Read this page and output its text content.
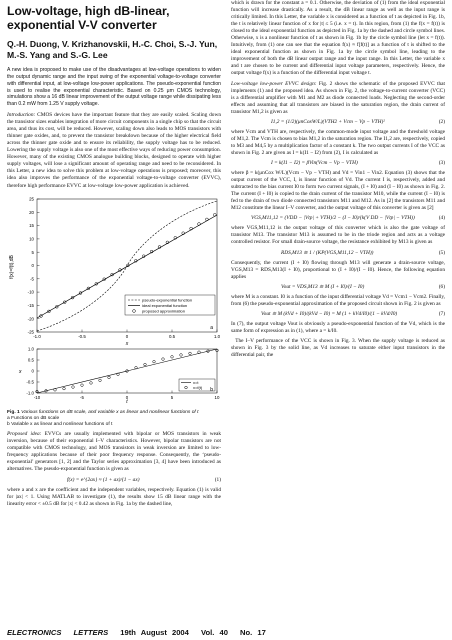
Low-voltage, high dB-linear, exponential V-V converter
Q.-H. Duong, V. Krizhanovskii, H.-C. Choi, S.-J. Yun, M.-S. Yang and S.-G. Lee

A new idea is proposed to make use of the disadvantages at low-voltage operations to widen the output dynamic range and the input swing of the exponential voltage-to-voltage converter with differential input, at low-voltage low-power applications. The pseudo-exponential function is used to realise the exponential characteristic. Based on 0.25 μm CMOS technology, simulations show a 16 dB linear improvement of the output voltage range while dissipating less than 0.2 mW from 1.25 V supply voltage.

Introduction: CMOS devices have the important feature that they are easily scaled. Scaling down the transistor sizes enables integration of more circuit components in a single chip so that the circuit area, and thus its cost, will be reduced. However, scaling down also leads to MOS transistors with thinner gate oxides, and, to prevent the transistor breakdown because of the higher electrical field across the thinner gate oxide and to ensure its reliability, the supply voltage has to be reduced. Lowering the supply voltage is also one of the most effective ways of reducing power consumption. However, many of the existing CMOS analogue building blocks, designed to operate with higher supply voltages, will lose a significant amount of operating range and need to be reconsidered. In this Letter, a new idea to solve this problem at low-voltage operations is proposed; moreover, this idea also improves the performance of the exponential voltage-to-voltage converter (EVVC), therefore high performance EVVC at low-voltage low-power application is achieved.

25
20
15
10
5
0
-5
-10
-15
-20
-25
-1.0	-0.5	0	0.5	1.0
f(x)=f(t),dB
x
pseudo-exponential function
ideal exponential function
proposed approximation
a
1.0
0.5
0
-0.5
-1.0
-10	-5	0	5	10
x
t
x=t
x=f(t) b
Fig. 1 Various functions on dB scale, and variable x as linear and nonlinear functions of t
a Functions on dB scale
b Variable x as linear and nonlinear functions of t

Proposed idea: EVVCs are usually implemented with bipolar or MOS transistors in weak inversion, because of their exponential I–V characteristics. However, bipolar transistors are not compatible with CMOS technology, and MOS transistors in weak inversion are limited to low-frequency applications because of their poor frequency response. Consequently, the ‘pseudo-exponential’ generators [1, 2] and the Taylor series approximation [3, 4] have been introduced as alternatives. The pseudo-exponential function is given as

f(x) = e^{2ax} ≈ (1 + ax)/(1 − ax)	(1)

where a and x are the coefficient and the independent variables, respectively. Equation (1) is valid for |ax| < 1. Using MATLAB to investigate (1), the results show 15 dB linear range with the linearity error < ±0.5 dB for |x| < 0.42 as shown in Fig. 1a by the dashed line,

which is drawn for the constant a = 0.1. Otherwise, the deviation of (1) from the ideal exponential function will increase drastically. As a result, the dB linear range as well as the input range is critically limited. In this Letter, the variable x is considered as a function of t as depicted in Fig. 1b, the t is relatively linear function of x for |t| ≤ 5 (i.e. x = t). In this region, from (1) the f(x = f(t)) is closed to the ideal exponential function as depicted in Fig. 1a by the dashed and circle symbol lines. Otherwise, x is a nonlinear function of t as shown in Fig. 1b by the circle symbol line (let x = f(t)). Intuitively, from (1) one can see that the equation f(x) ≈ f[f(t)] as a function of t is shifted to the ideal exponential function as shown in Fig. 1a by the circle symbol line, leading to the improvement of both the dB linear output range and the input range. In this Letter, the variable x and t are chosen to be current and differential input voltage parameters, respectively. Hence, the output voltage f(x) is a function of the differential input voltage t.

Low-voltage low-power EVVC design: Fig. 2 shows the schematic of the proposed EVVC that implements (1) and the proposed idea. As shown in Fig. 2, the voltage-to-current converter (VCC) is a differential amplifier with M1 and M2 as diode connected loads. Neglecting the second-order effects and assuming that all transistors are biased in the saturation region, the drain current of transistor M1,2 is given as

I1,2 = (1/2)(μnCoxW/L)(VTH2 + Vcm − Vp − VTH)²	(2)

where Vcm and VTH are, respectively, the common-mode input voltage and the threshold voltage of M1,2. The Vcm is chosen to bias M1,2 in the saturation region. The I1,2 are, respectively, copied to M3 and M4,5 by a multiplication factor of a constant k. The two output currents I of the VCC as shown in Fig. 2 are given as I = k(I1 − I2) from (2), I is calculated as

I = k(I1 − I2) = βVin(Vcm − Vp − VTH)	(3)

where β = k(μnCox W/L)(Vcm − Vp − VTH) and Vd = Vin1 − Vin2. Equation (3) shows that the output current of the VCC, I, is linear function of Vd. The current I is, respectively, added and subtracted to the bias current I0 to form two current signals, (I + I0) and (I − I0) as shown in Fig. 2. The current (I + I0) is copied to the drain current of the transistor M10, while the current (I − I0) is fed to the drain of two diode connected transistors M11 and M12. As in [2] the transistors M11 and M12 constitute the linear I–V converter, and the output voltage of this converter is given as [2]

VGS,M11,12 = (VDD − |Vtp| + VTH)/2 − (I − I0)/(k(V DD − |Vtp| − VTH))	(4)

where VGS,M11,12 is the output voltage of this converter which is also the gate voltage of transistor M13. The transistor M13 is assumed to be in the triode region and acts as a voltage controlled resistor. For small drain-source voltage, the resistance exhibited by M13 is given as

RDS,M13 ≅ 1 / (KP(VGS,M11,12 − VTH))	(5)

Consequently, the current (I + I0) flowing through M13 will generate a drain-source voltage, VGS,M13 = RDS,M13(I + I0), proportional to (I + I0)/(I − I0). Hence, the following equation applies

Vout = VDS,M13 ≅ M (I + I0)/(I − I0)	(6)

where M is a constant. I0 is a function of the input differential voltage Vd = Vcm1 − Vcm2. Finally, from (6) the pseudo-exponential approximation of the proposed circuit shown in Fig. 2 is given as

Vout ≅ M (kVd + I0)/(kVd − I0) = M (1 + kVd/I0)/(1 − kVd/I0)	(7)

In (7), the output voltage Vout is obviously a pseudo-exponential function of the Vd, which is the same form of expression as in (1), where a = k/I0.

The I–V performance of the VCC is shown in Fig. 3. When the supply voltage is reduced as shown in Fig. 3 by the solid line, as Vd increases to saturate either input transistors in the differential pair, the

ELECTRONICS LETTERS 19th August 2004 Vol. 40 No. 17
